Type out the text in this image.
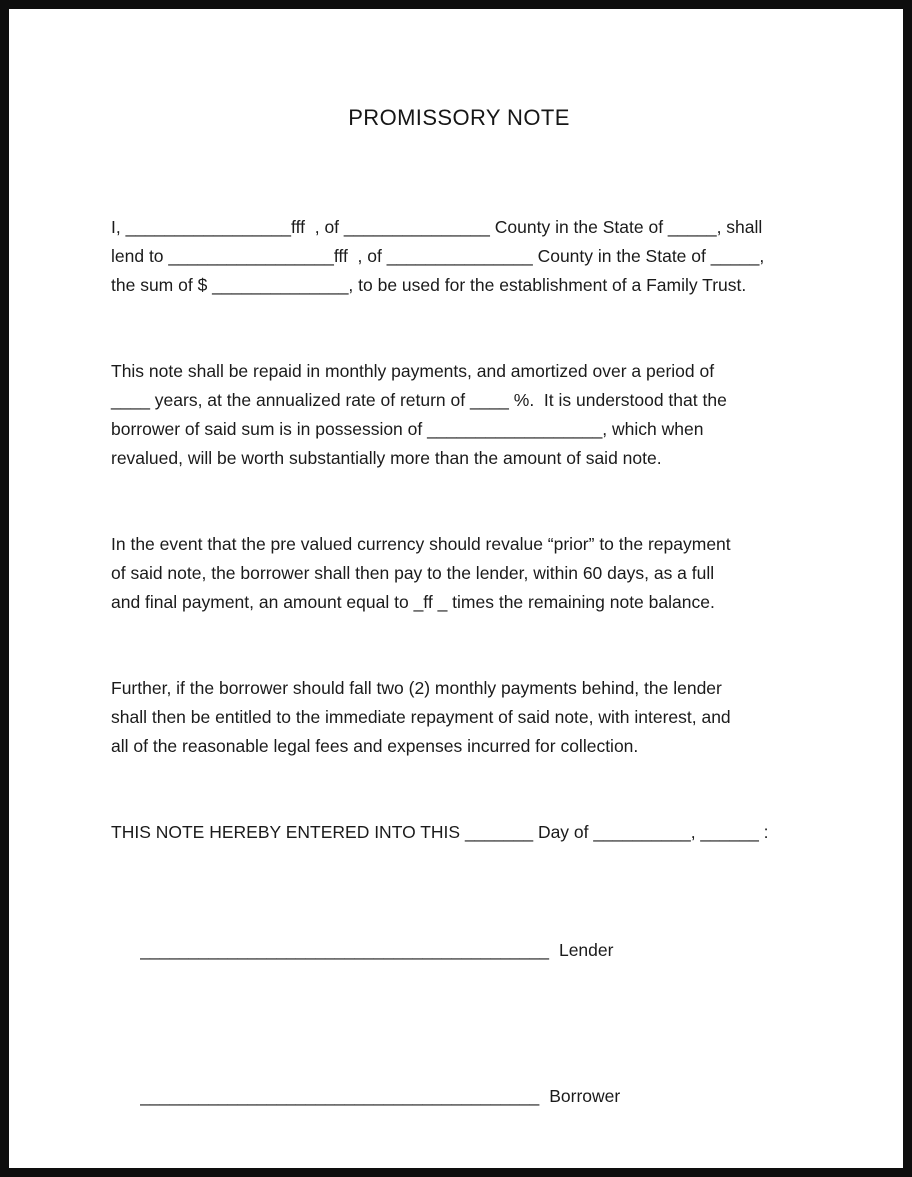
PROMISSORY NOTE
I, _________________fff  , of _______________ County in the State of _____, shall
lend to _________________fff  , of _______________ County in the State of _____,
the sum of $ ______________, to be used for the establishment of a Family Trust.
This note shall be repaid in monthly payments, and amortized over a period of
____ years, at the annualized rate of return of ____ %.  It is understood that the
borrower of said sum is in possession of __________________, which when
revalued, will be worth substantially more than the amount of said note.
In the event that the pre valued currency should revalue “prior” to the repayment
of said note, the borrower shall then pay to the lender, within 60 days, as a full
and final payment, an amount equal to _ff _ times the remaining note balance.
Further, if the borrower should fall two (2) monthly payments behind, the lender
shall then be entitled to the immediate repayment of said note, with interest, and
all of the reasonable legal fees and expenses incurred for collection.
THIS NOTE HEREBY ENTERED INTO THIS _______ Day of __________, ______ :

__________________________________________ Lender

_________________________________________ Borrower
